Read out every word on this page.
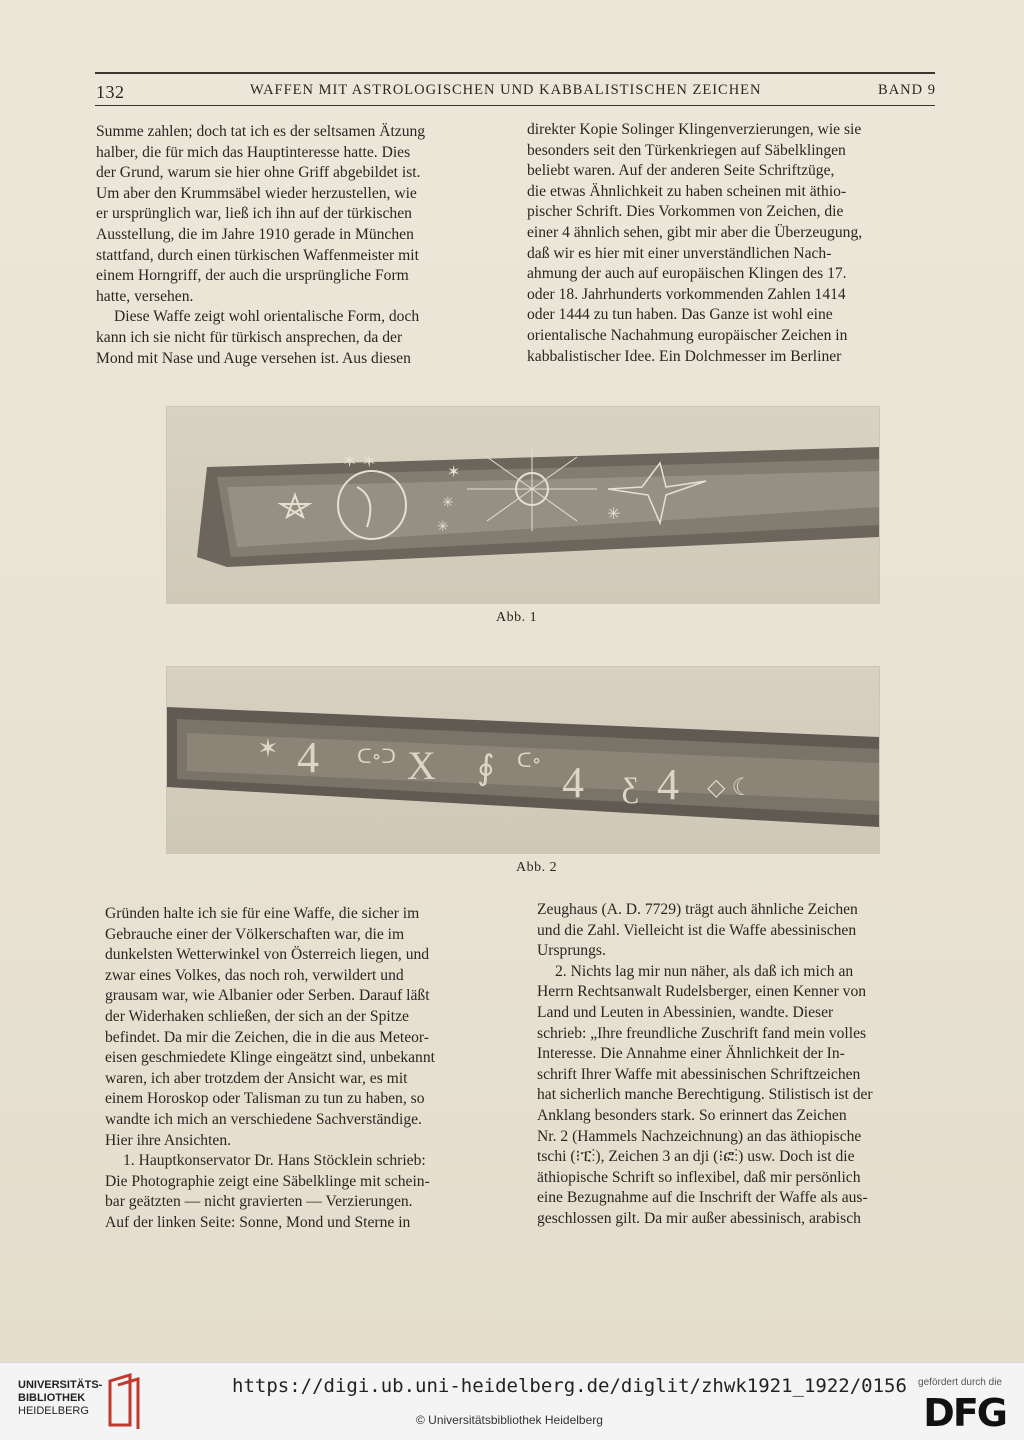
132	WAFFEN MIT ASTROLOGISCHEN UND KABBALISTISCHEN ZEICHEN	BAND 9
Summe zahlen; doch tat ich es der seltsamen Ätzung
halber, die für mich das Hauptinteresse hatte. Dies
der Grund, warum sie hier ohne Griff abgebildet ist.
Um aber den Krummsäbel wieder herzustellen, wie
er ursprünglich war, ließ ich ihn auf der türkischen
Ausstellung, die im Jahre 1910 gerade in München
stattfand, durch einen türkischen Waffenmeister mit
einem Horngriff, der auch die ursprüngliche Form
hatte, versehen.
Diese Waffe zeigt wohl orientalische Form, doch
kann ich sie nicht für türkisch ansprechen, da der
Mond mit Nase und Auge versehen ist. Aus diesen
direkter Kopie Solinger Klingenverzierungen, wie sie
besonders seit den Türkenkriegen auf Säbelklingen
beliebt waren. Auf der anderen Seite Schriftzüge,
die etwas Ähnlichkeit zu haben scheinen mit äthio-
pischer Schrift. Dies Vorkommen von Zeichen, die
einer 4 ähnlich sehen, gibt mir aber die Überzeugung,
daß wir es hier mit einer unverständlichen Nach-
ahmung der auch auf europäischen Klingen des 17.
oder 18. Jahrhunderts vorkommenden Zahlen 1414
oder 1444 zu tun haben. Das Ganze ist wohl eine
orientalische Nachahmung europäischer Zeichen in
kabbalistischer Idee. Ein Dolchmesser im Berliner
✶ ✶
✶
✳
✳
✳
Abb. 1
✶ 4 ᑕ∘ᑐ X ∮ ᑕ∘ 4 Ƹ 4 ◇ ☾
Abb. 2
Gründen halte ich sie für eine Waffe, die sicher im
Gebrauche einer der Völkerschaften war, die im
dunkelsten Wetterwinkel von Österreich liegen, und
zwar eines Volkes, das noch roh, verwildert und
grausam war, wie Albanier oder Serben. Darauf läßt
der Widerhaken schließen, der sich an der Spitze
befindet. Da mir die Zeichen, die in die aus Meteor-
eisen geschmiedete Klinge eingeätzt sind, unbekannt
waren, ich aber trotzdem der Ansicht war, es mit
einem Horoskop oder Talisman zu tun zu haben, so
wandte ich mich an verschiedene Sachverständige.
Hier ihre Ansichten.
1. Hauptkonservator Dr. Hans Stöcklein schrieb:
Die Photographie zeigt eine Säbelklinge mit schein-
bar geätzten — nicht gravierten — Verzierungen.
Auf der linken Seite: Sonne, Mond und Sterne in
Zeughaus (A. D. 7729) trägt auch ähnliche Zeichen
und die Zahl. Vielleicht ist die Waffe abessinischen
Ursprungs.
2. Nichts lag mir nun näher, als daß ich mich an
Herrn Rechtsanwalt Rudelsberger, einen Kenner von
Land und Leuten in Abessinien, wandte. Dieser
schrieb: „Ihre freundliche Zuschrift fand mein volles
Interesse. Die Annahme einer Ähnlichkeit der In-
schrift Ihrer Waffe mit abessinischen Schriftzeichen
hat sicherlich manche Berechtigung. Stilistisch ist der
Anklang besonders stark. So erinnert das Zeichen
Nr. 2 (Hammels Nachzeichnung) an das äthiopische
tschi (⁝ፒ⁝), Zeichen 3 an dji (⁝ፎ⁝) usw. Doch ist die
äthiopische Schrift so inflexibel, daß mir persönlich
eine Bezugnahme auf die Inschrift der Waffe als aus-
geschlossen gilt. Da mir außer abessinisch, arabisch
UNIVERSITÄTS-
BIBLIOTHEK
HEIDELBERG
https://digi.ub.uni-heidelberg.de/diglit/zhwk1921_1922/0156
© Universitätsbibliothek Heidelberg
gefördert durch die
DFG
